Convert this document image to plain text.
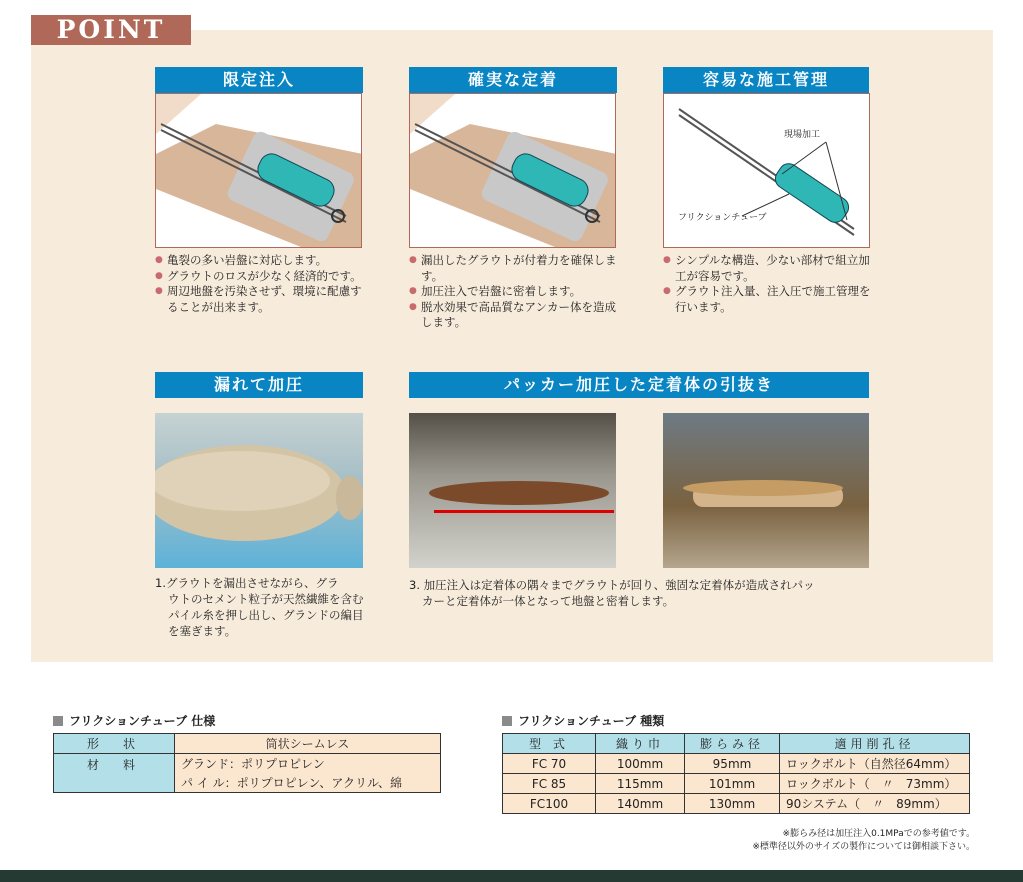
POINT
限定注入
● 亀裂の多い岩盤に対応します。
● グラウトのロスが少なく経済的です。
● 周辺地盤を汚染させず、環境に配慮することが出来ます。
確実な定着
● 漏出したグラウトが付着力を確保します。
● 加圧注入で岩盤に密着します。
● 脱水効果で高品質なアンカー体を造成します。
容易な施工管理
現場加工
フリクションチューブ
● シンプルな構造、少ない部材で組立加工が容易です。
● グラウト注入量、注入圧で施工管理を行います。
漏れて加圧

1.グラウトを漏出させながら、グラ
ウトのセメント粒子が天然繊維を含むパイル糸を押し出し、グランドの編目を塞ぎます。

パッカー加圧した定着体の引抜き

3. 加圧注入は定着体の隅々までグラウトが回り、強固な定着体が造成されパッ
カーと定着体が一体となって地盤と密着します。

フリクションチューブ 仕様
形　状	筒状シームレス
材　料	グランド：ポリプロピレン
	パ イ ル：ポリプロピレン、アクリル、綿
フリクションチューブ 種類
型 式	織り巾	膨らみ径	適用削孔径
FC 70	100mm	95mm	ロックボルト（自然径64mm）
FC 85	115mm	101mm	ロックボルト（　〃　73mm）
FC100	140mm	130mm	90システム（　〃　89mm）
※膨らみ径は加圧注入0.1MPaでの参考値です。
※標準径以外のサイズの製作については御相談下さい。
